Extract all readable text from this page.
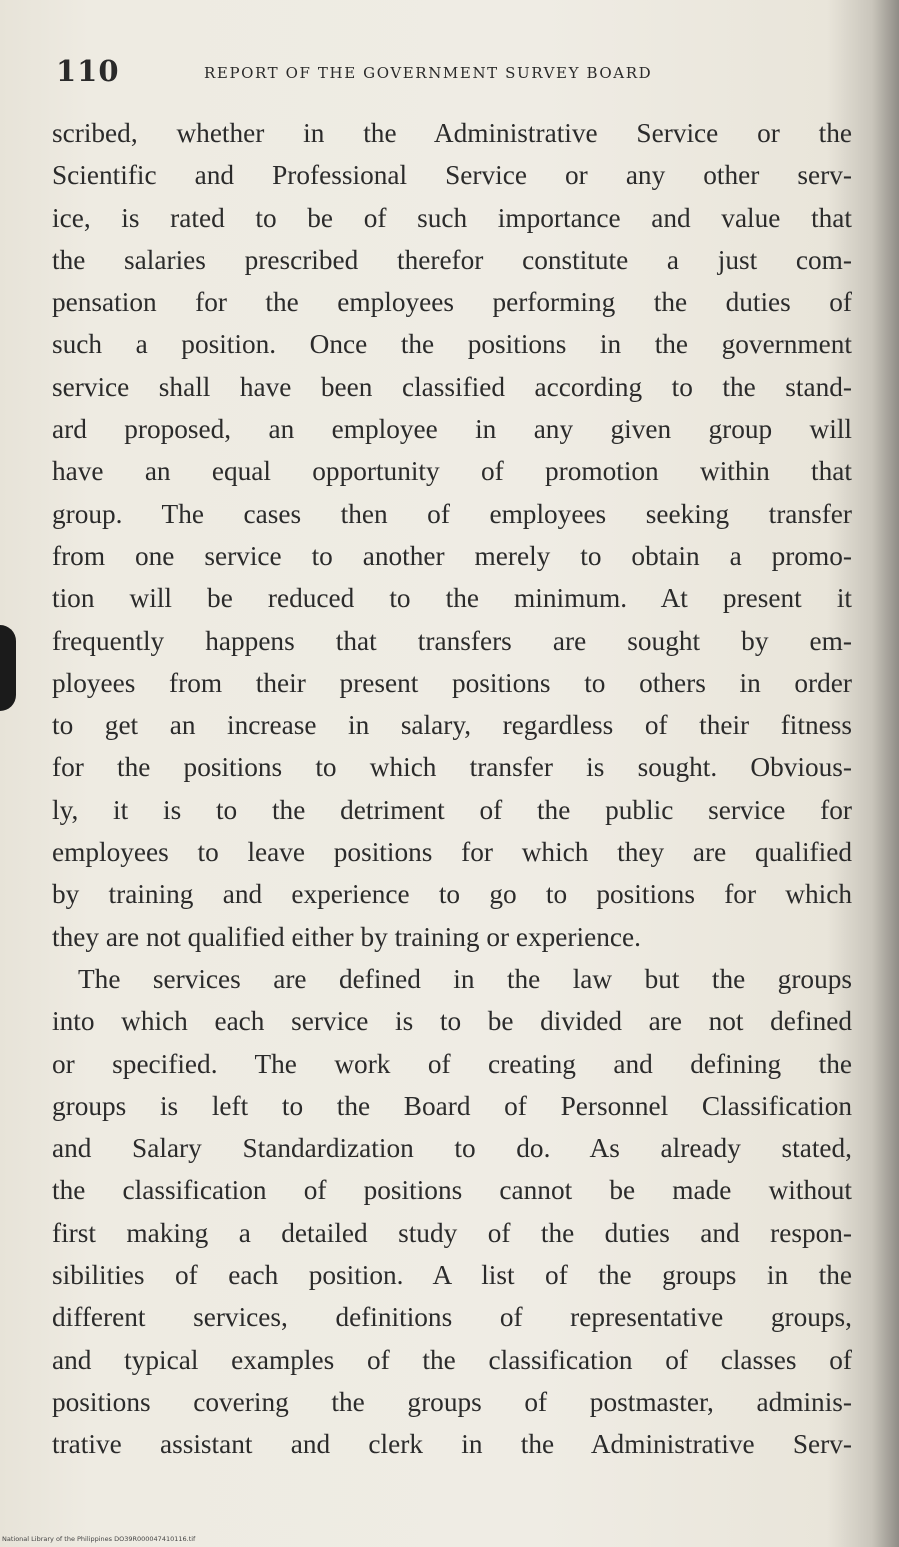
110	REPORT OF THE GOVERNMENT SURVEY BOARD
scribed, whether in the Administrative Service or the
Scientific and Professional Service or any other serv-
ice, is rated to be of such importance and value that
the salaries prescribed therefor constitute a just com-
pensation for the employees performing the duties of
such a position. Once the positions in the government
service shall have been classified according to the stand-
ard proposed, an employee in any given group will
have an equal opportunity of promotion within that
group. The cases then of employees seeking transfer
from one service to another merely to obtain a promo-
tion will be reduced to the minimum. At present it
frequently happens that transfers are sought by em-
ployees from their present positions to others in order
to get an increase in salary, regardless of their fitness
for the positions to which transfer is sought. Obvious-
ly, it is to the detriment of the public service for
employees to leave positions for which they are qualified
by training and experience to go to positions for which
they are not qualified either by training or experience.
The services are defined in the law but the groups
into which each service is to be divided are not defined
or specified. The work of creating and defining the
groups is left to the Board of Personnel Classification
and Salary Standardization to do. As already stated,
the classification of positions cannot be made without
first making a detailed study of the duties and respon-
sibilities of each position. A list of the groups in the
different services, definitions of representative groups,
and typical examples of the classification of classes of
positions covering the groups of postmaster, adminis-
trative assistant and clerk in the Administrative Serv-
National Library of the Philippines DO39R000047410116.tif
